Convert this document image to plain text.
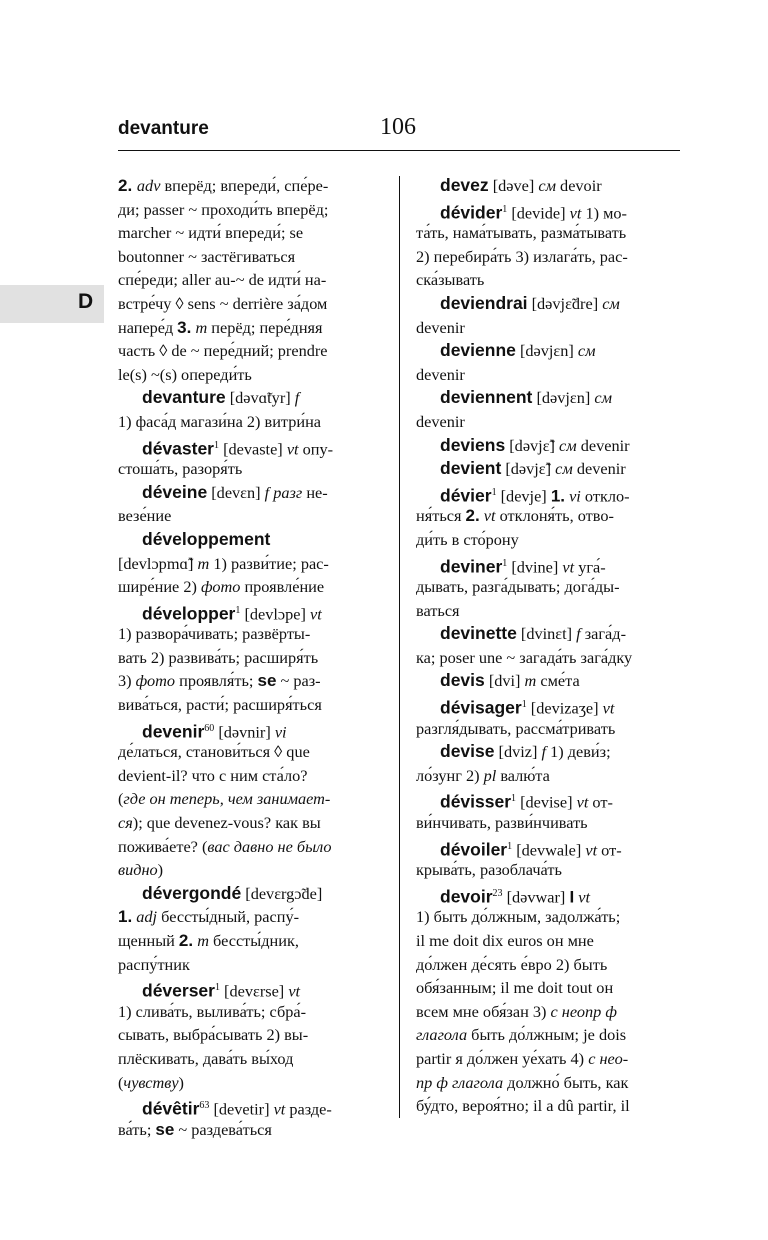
devanture	106
D
2. adv вперёд; впереди́, спе́ре-
ди; passer ~ проходи́ть вперёд;
marcher ~ идти́ впереди́; se
boutonner ~ застёгиваться
спе́реди; aller au-~ de идти́ на-
встре́чу ◊ sens ~ derrière за́дом
напере́д 3. m перёд; пере́дняя
часть ◊ de ~ пере́дний; prendre
le(s) ~(s) опереди́ть
devanture [dəvɑ̃tyr] f
1) фаса́д магази́на 2) витри́на
dévaster$^1$ [devaste] vt опу-
стоша́ть, разоря́ть
déveine [devɛn] f разг не-
везе́ние
développement
[devlɔpmɑ̃] m 1) разви́тие; рас-
шире́ние 2) фото проявле́ние
développer$^1$ [devlɔpe] vt
1) развора́чивать; развёрты-
вать 2) развива́ть; расширя́ть
3) фото проявля́ть; se ~ раз-
вива́ться, расти́; расширя́ться
devenir$^{60}$ [dəvnir] vi
де́латься, станови́ться ◊ que
devient-il? что с ним ста́ло?
(где он теперь, чем занимает-
ся); que devenez-vous? как вы
пожива́ете? (вас давно не было
видно)
dévergondé [devɛrgɔ̃de]
1. adj бессты́дный, распу́-
щенный 2. m бессты́дник,
распу́тник
déverser$^1$ [devɛrse] vt
1) слива́ть, вылива́ть; сбра́-
сывать, выбра́сывать 2) вы-
плёскивать, дава́ть вы́ход
(чувству)
dévêtir$^{63}$ [devetir] vt разде-
ва́ть; se ~ раздева́ться
devez [dəve] см devoir
dévider$^1$ [devide] vt 1) мо-
та́ть, нама́тывать, разма́тывать
2) перебира́ть 3) излага́ть, рас-
ска́зывать
deviendrai [dəvjɛ̃dre] см
devenir
devienne [dəvjɛn] см
devenir
deviennent [dəvjɛn] см
devenir
deviens [dəvjɛ̃] см devenir
devient [dəvjɛ̃] см devenir
dévier$^1$ [devje] 1. vi откло-
ня́ться 2. vt отклоня́ть, отво-
ди́ть в сто́рону
deviner$^1$ [dvine] vt уга́-
дывать, разга́дывать; дога́ды-
ваться
devinette [dvinɛt] f зага́д-
ка; poser une ~ загада́ть зага́дку
devis [dvi] m сме́та
dévisager$^1$ [devizaʒe] vt
разгля́дывать, рассма́тривать
devise [dviz] f 1) деви́з;
ло́зунг 2) pl валю́та
dévisser$^1$ [devise] vt от-
ви́нчивать, разви́нчивать
dévoiler$^1$ [devwale] vt от-
крыва́ть, разоблача́ть
devoir$^{23}$ [dəvwar] I vt
1) быть до́лжным, задолжа́ть;
il me doit dix euros он мне
до́лжен де́сять е́вро 2) быть
обя́занным; il me doit tout он
всем мне обя́зан 3) с неопр ф
глагола быть до́лжным; je dois
partir я до́лжен уе́хать 4) с нео-
пр ф глагола должно́ быть, как
бу́дто, вероя́тно; il a dû partir, il
